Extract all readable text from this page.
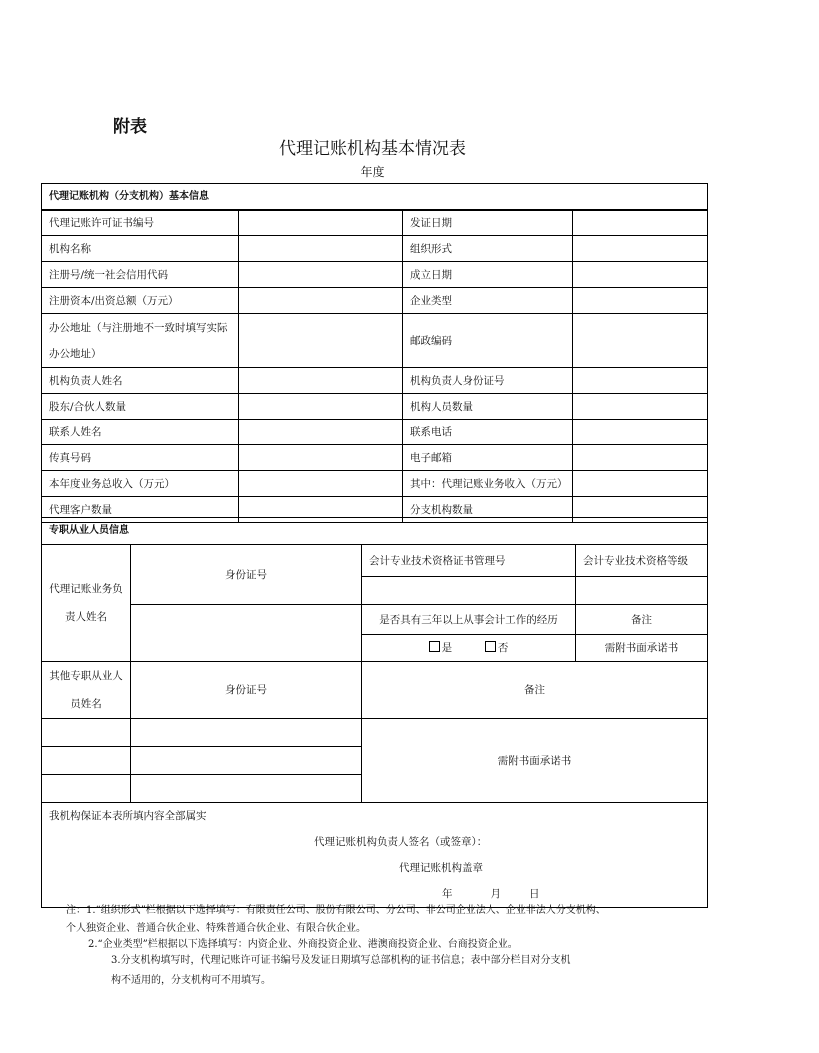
附表
代理记账机构基本情况表
年度
代理记账机构（分支机构）基本信息
代理记账许可证书编号		发证日期	
机构名称		组织形式	
注册号/统一社会信用代码		成立日期	
注册资本/出资总额（万元）		企业类型	
办公地址（与注册地不一致时填写实际办公地址）		邮政编码	
机构负责人姓名		机构负责人身份证号	
股东/合伙人数量		机构人员数量	
联系人姓名		联系电话	
传真号码		电子邮箱	
本年度业务总收入（万元）		其中：代理记账业务收入（万元）	
代理客户数量		分支机构数量	
专职从业人员信息			
代理记账业务负责人姓名	身份证号	会计专业技术资格证书管理号	会计专业技术资格等级

		是否具有三年以上从事会计工作的经历	备注
		是 否	需附书面承诺书
其他专职从业人员姓名	身份证号	备注	
		需附书面承诺书	

我机构保证本表所填内容全部属实
代理记账机构负责人签名（或签章）：
代理记账机构盖章
年 月 日			
注：1.“组织形式”栏根据以下选择填写：有限责任公司、股份有限公司、分公司、非公司企业法人、企业非法人分支机构、
个人独资企业、普通合伙企业、特殊普通合伙企业、有限合伙企业。
2.“企业类型”栏根据以下选择填写：内资企业、外商投资企业、港澳商投资企业、台商投资企业。
3.分支机构填写时，代理记账许可证书编号及发证日期填写总部机构的证书信息；表中部分栏目对分支机
构不适用的，分支机构可不用填写。
